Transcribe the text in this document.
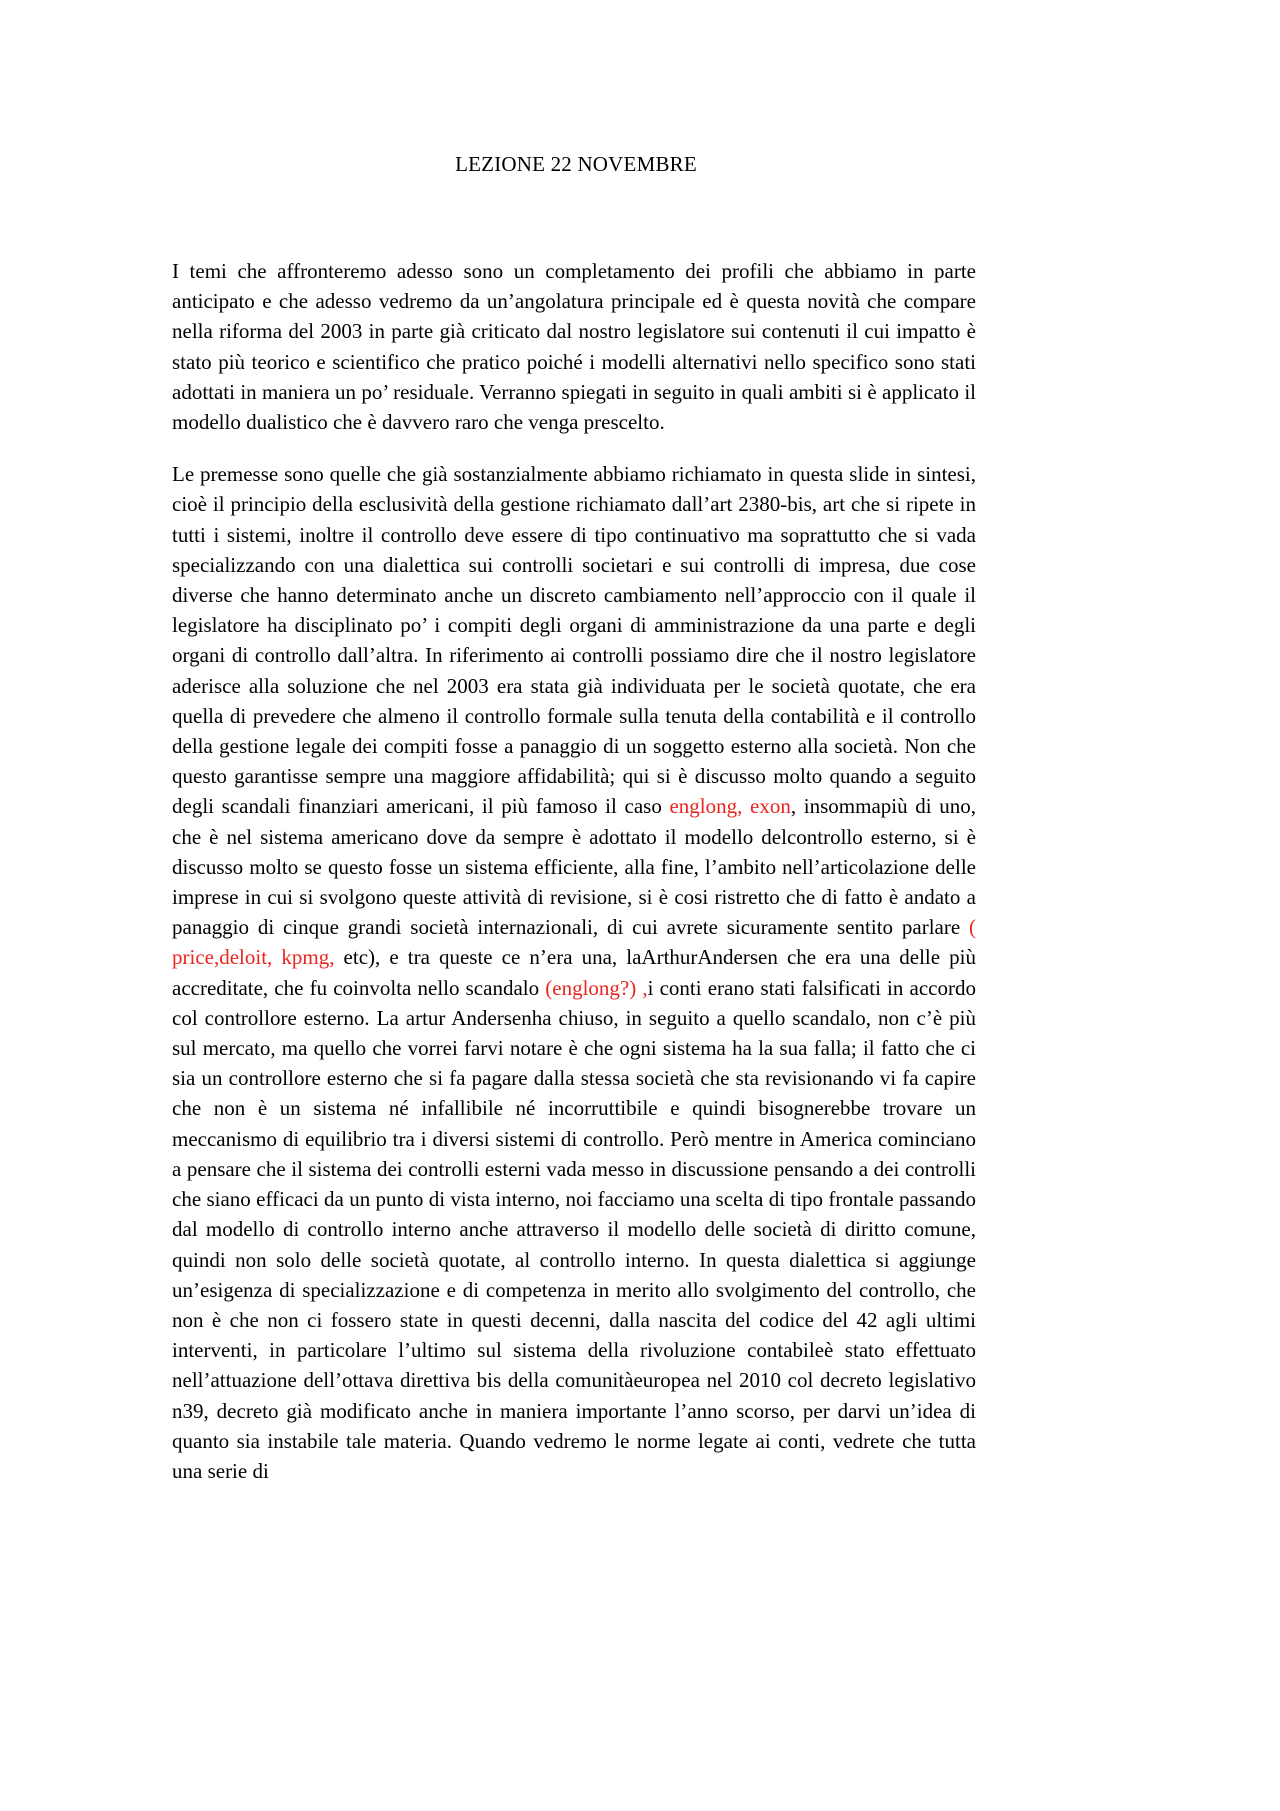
LEZIONE 22 NOVEMBRE

I temi che affronteremo adesso sono un completamento dei profili che abbiamo in parte anticipato e che adesso vedremo da un’angolatura principale ed è questa novità che compare nella riforma del 2003 in parte già criticato dal nostro legislatore sui contenuti il cui impatto è stato più teorico e scientifico che pratico poiché i modelli alternativi nello specifico sono stati adottati in maniera un po’ residuale. Verranno spiegati in seguito in quali ambiti si è applicato il modello dualistico che è davvero raro che venga prescelto.

Le premesse sono quelle che già sostanzialmente abbiamo richiamato in questa slide in sintesi, cioè il principio della esclusività della gestione richiamato dall’art 2380-bis, art che si ripete in tutti i sistemi, inoltre il controllo deve essere di tipo continuativo ma soprattutto che si vada specializzando con una dialettica sui controlli societari e sui controlli di impresa, due cose diverse che hanno determinato anche un discreto cambiamento nell’approccio con il quale il legislatore ha disciplinato po’ i compiti degli organi di amministrazione da una parte e degli organi di controllo dall’altra. In riferimento ai controlli possiamo dire che il nostro legislatore aderisce alla soluzione che nel 2003 era stata già individuata per le società quotate, che era quella di prevedere che almeno il controllo formale sulla tenuta della contabilità e il controllo della gestione legale dei compiti fosse a panaggio di un soggetto esterno alla società. Non che questo garantisse sempre una maggiore affidabilità; qui si è discusso molto quando a seguito degli scandali finanziari americani, il più famoso il caso englong, exon, insommapiù di uno, che è nel sistema americano dove da sempre è adottato il modello delcontrollo esterno, si è discusso molto se questo fosse un sistema efficiente, alla fine, l’ambito nell’articolazione delle imprese in cui si svolgono queste attività di revisione, si è cosi ristretto che di fatto è andato a panaggio di cinque grandi società internazionali, di cui avrete sicuramente sentito parlare ( price,deloit, kpmg, etc), e tra queste ce n’era una, laArthurAndersen che era una delle più accreditate, che fu coinvolta nello scandalo (englong?) ,i conti erano stati falsificati in accordo col controllore esterno. La artur Andersenha chiuso, in seguito a quello scandalo, non c’è più sul mercato, ma quello che vorrei farvi notare è che ogni sistema ha la sua falla; il fatto che ci sia un controllore esterno che si fa pagare dalla stessa società che sta revisionando vi fa capire che non è un sistema né infallibile né incorruttibile e quindi bisognerebbe trovare un meccanismo di equilibrio tra i diversi sistemi di controllo. Però mentre in America cominciano a pensare che il sistema dei controlli esterni vada messo in discussione pensando a dei controlli che siano efficaci da un punto di vista interno, noi facciamo una scelta di tipo frontale passando dal modello di controllo interno anche attraverso il modello delle società di diritto comune, quindi non solo delle società quotate, al controllo interno. In questa dialettica si aggiunge un’esigenza di specializzazione e di competenza in merito allo svolgimento del controllo, che non è che non ci fossero state in questi decenni, dalla nascita del codice del 42 agli ultimi interventi, in particolare l’ultimo sul sistema della rivoluzione contabileè stato effettuato nell’attuazione dell’ottava direttiva bis della comunitàeuropea nel 2010 col decreto legislativo n39, decreto già modificato anche in maniera importante l’anno scorso, per darvi un’idea di quanto sia instabile tale materia. Quando vedremo le norme legate ai conti, vedrete che tutta una serie di
